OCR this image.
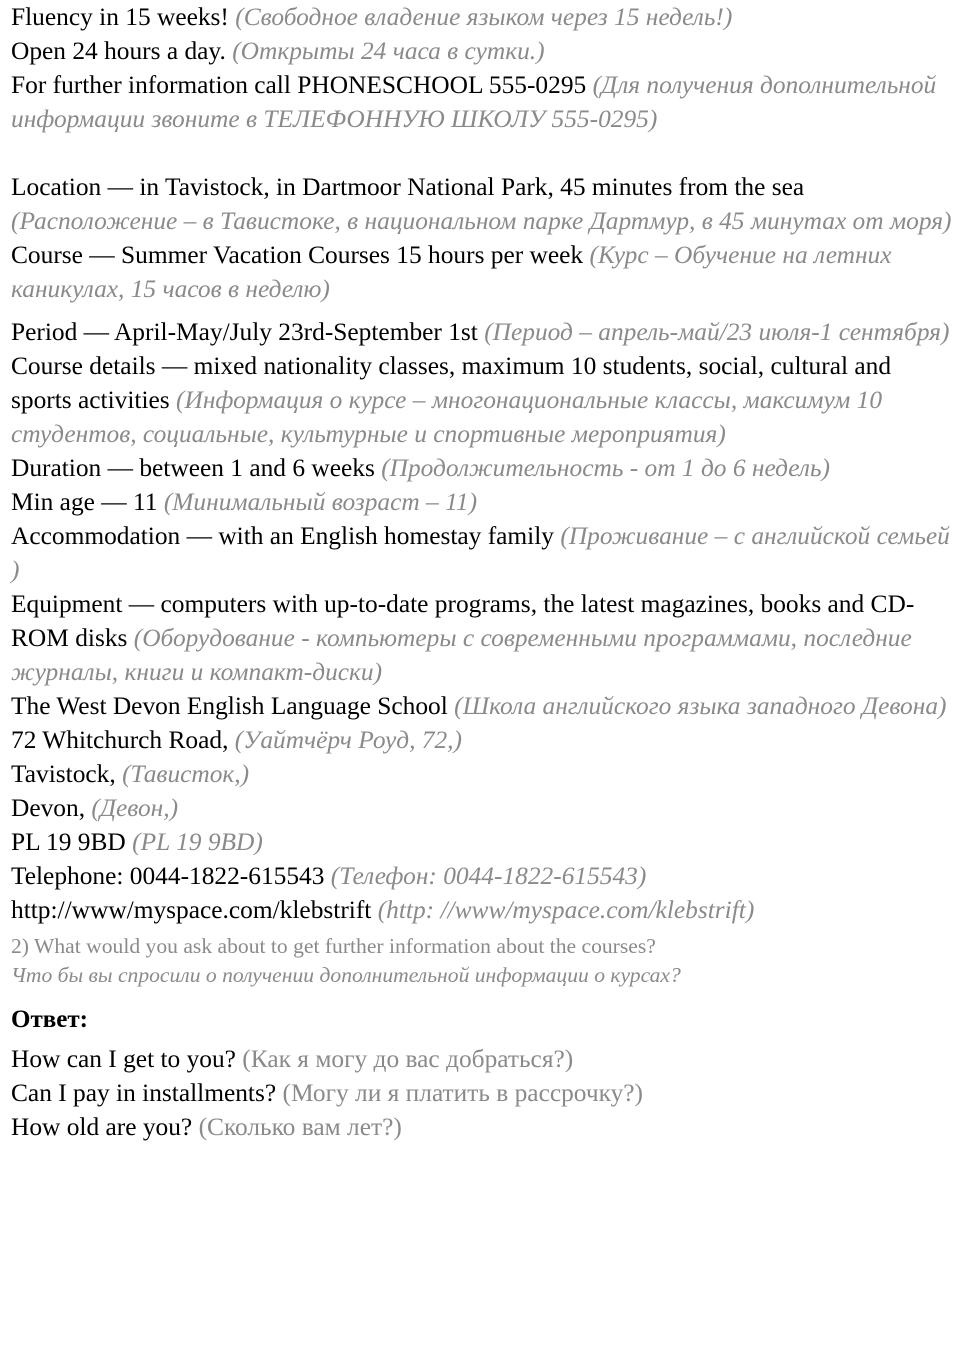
Fluency in 15 weeks! (Свободное владение языком через 15 недель!)

Open 24 hours a day. (Открыты 24 часа в сутки.)

For further information call PHONESCHOOL 555-0295 (Для получения дополнительной информации звоните в ТЕЛЕФОННУЮ ШКОЛУ 555-0295)

Location — in Tavistock, in Dartmoor National Park, 45 minutes from the sea (Расположение – в Тавистоке, в национальном парке Дартмур, в 45 минутах от моря)

Course — Summer Vacation Courses 15 hours per week (Курс – Обучение на летних каникулах, 15 часов в неделю)

Period — April-May/July 23rd-September 1st (Период – апрель-май/23 июля-1 сентября)

Course details — mixed nationality classes, maximum 10 students, social, cultural and sports activities (Информация о курсе – многонациональные классы, максимум 10 студентов, социальные, культурные и спортивные мероприятия)

Duration — between 1 and 6 weeks (Продолжительность - от 1 до 6 недель)

Min age — 11 (Минимальный возраст – 11)

Accommodation — with an English homestay family (Проживание – с английской семьей )

Equipment — computers with up-to-date programs, the latest magazines, books and CD-ROM disks (Оборудование - компьютеры с современными программами, последние журналы, книги и компакт-диски)

The West Devon English Language School (Школа английского языка западного Девона)

72 Whitchurch Road, (Уайтчёрч Роуд, 72,)

Tavistock, (Тависток,)

Devon, (Девон,)

PL 19 9BD (PL 19 9BD)

Telephone: 0044-1822-615543 (Телефон: 0044-1822-615543)

http://www/myspace.com/klebstrift (http: //www/myspace.com/klebstrift)

2) What would you ask about to get further information about the courses?

Что бы вы спросили о получении дополнительной информации о курсах?

Ответ:

How can I get to you? (Как я могу до вас добраться?)

Can I pay in installments? (Могу ли я платить в рассрочку?)

How old are you? (Сколько вам лет?)
